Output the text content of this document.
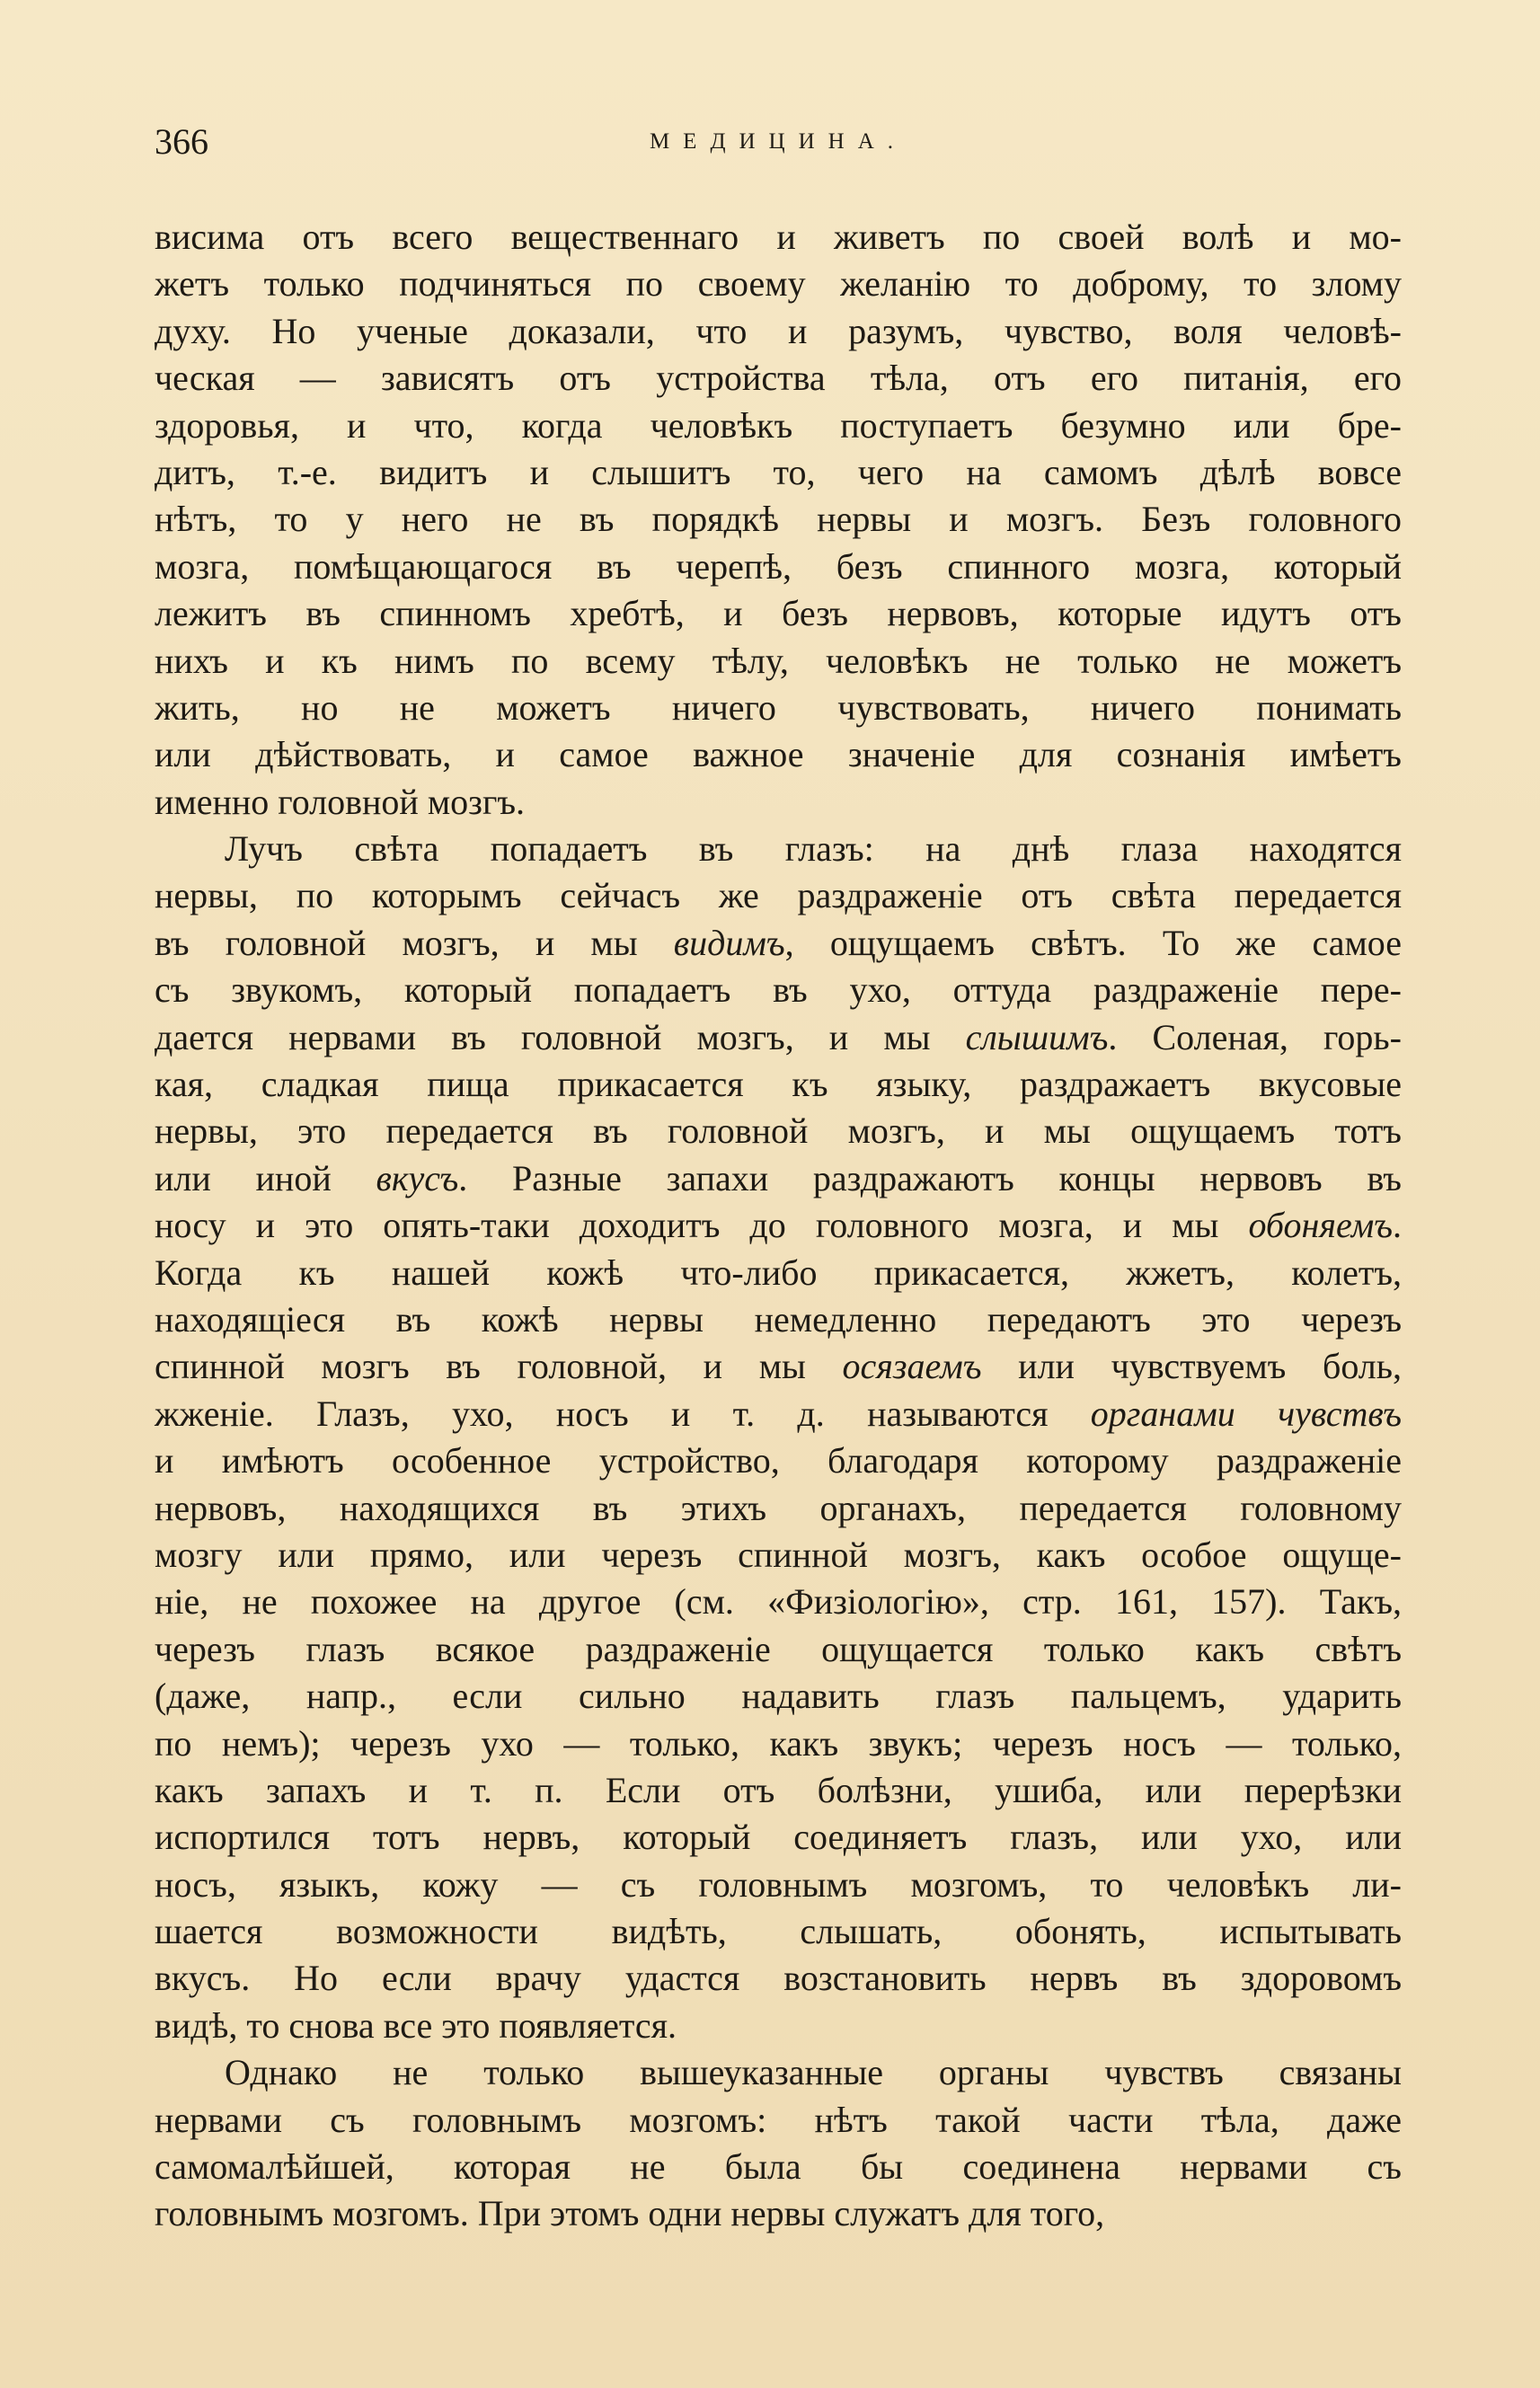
366	МЕДИЦИНА.
висима отъ всего вещественнаго и живетъ по своей волѣ и мо-
жетъ только подчиняться по своему желанію то доброму, то злому
духу. Но ученые доказали, что и разумъ, чувство, воля человѣ-
ческая — зависятъ отъ устройства тѣла, отъ его питанія, его
здоровья, и что, когда человѣкъ поступаетъ безумно или бре-
дитъ, т.-е. видитъ и слышитъ то, чего на самомъ дѣлѣ вовсе
нѣтъ, то у него не въ порядкѣ нервы и мозгъ. Безъ головного
мозга, помѣщающагося въ черепѣ, безъ спинного мозга, который
лежитъ въ спинномъ хребтѣ, и безъ нервовъ, которые идутъ отъ
нихъ и къ нимъ по всему тѣлу, человѣкъ не только не можетъ
жить, но не можетъ ничего чувствовать, ничего понимать
или дѣйствовать, и самое важное значеніе для сознанія имѣетъ
именно головной мозгъ.
Лучъ свѣта попадаетъ въ глазъ: на днѣ глаза находятся
нервы, по которымъ сейчасъ же раздраженіе отъ свѣта передается
въ головной мозгъ, и мы видимъ, ощущаемъ свѣтъ. То же самое
съ звукомъ, который попадаетъ въ ухо, оттуда раздраженіе пере-
дается нервами въ головной мозгъ, и мы слышимъ. Соленая, горь-
кая, сладкая пища прикасается къ языку, раздражаетъ вкусовые
нервы, это передается въ головной мозгъ, и мы ощущаемъ тотъ
или иной вкусъ. Разные запахи раздражаютъ концы нервовъ въ
носу и это опять-таки доходитъ до головного мозга, и мы обоняемъ.
Когда къ нашей кожѣ что-либо прикасается, жжетъ, колетъ,
находящіеся въ кожѣ нервы немедленно передаютъ это черезъ
спинной мозгъ въ головной, и мы осязаемъ или чувствуемъ боль,
жженіе. Глазъ, ухо, носъ и т. д. называются органами чувствъ
и имѣютъ особенное устройство, благодаря которому раздраженіе
нервовъ, находящихся въ этихъ органахъ, передается головному
мозгу или прямо, или черезъ спинной мозгъ, какъ особое ощуще-
ніе, не похожее на другое (см. «Физіологію», стр. 161, 157). Такъ,
черезъ глазъ всякое раздраженіе ощущается только какъ свѣтъ
(даже, напр., если сильно надавить глазъ пальцемъ, ударить
по немъ); черезъ ухо — только, какъ звукъ; черезъ носъ — только,
какъ запахъ и т. п. Если отъ болѣзни, ушиба, или перерѣзки
испортился тотъ нервъ, который соединяетъ глазъ, или ухо, или
носъ, языкъ, кожу — съ головнымъ мозгомъ, то человѣкъ ли-
шается возможности видѣть, слышать, обонять, испытывать
вкусъ. Но если врачу удастся возстановить нервъ въ здоровомъ
видѣ, то снова все это появляется.
Однако не только вышеуказанные органы чувствъ связаны
нервами съ головнымъ мозгомъ: нѣтъ такой части тѣла, даже
самомалѣйшей, которая не была бы соединена нервами съ
головнымъ мозгомъ. При этомъ одни нервы служатъ для того,
